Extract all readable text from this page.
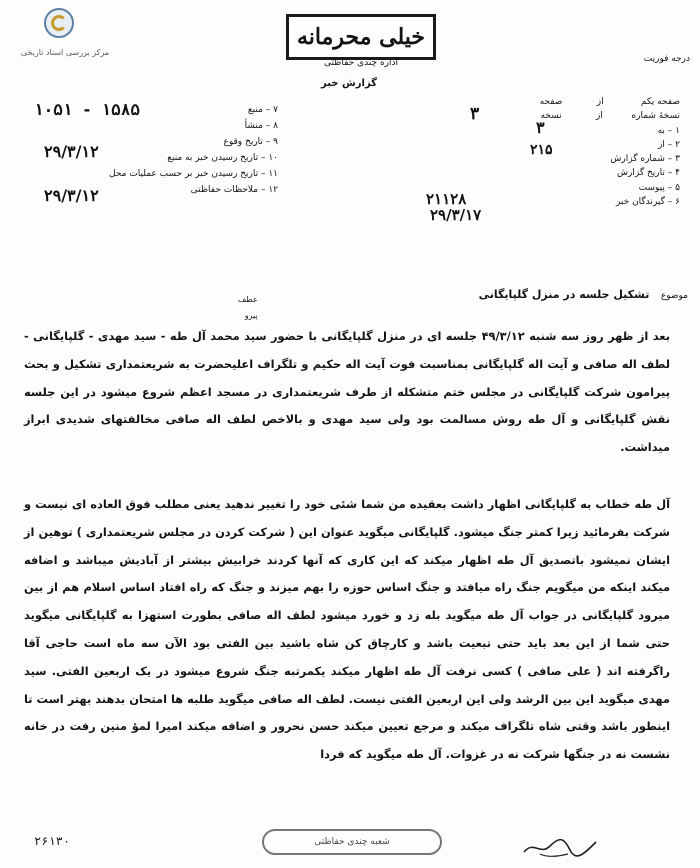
مرکز بررسی اسناد تاریخی
خیلی محرمانه
اداره چندی حفاظتی
گزارش خبر
درجه فوریت
صفحه یکم

از

صفحه
نسخهٔ شماره

از

نسخه
۱ –

به
۲ –

از
۳ –

شماره گزارش
۴ –

تاریخ گزارش
۵ –

پیوست
۶ –

گیرندگان خبر
۷ – منبع
۸ – منشأ
۹ – تاریخ وقوع
۱۰ – تاریخ رسیدن خبر به منبع
۱۱ – تاریخ رسیدن خبر بر حسب عملیات محل
۱۲ – ملاحظات حفاظتی
۱۰۵۱ - ۱۵۸۵
۲۹/۳/۱۲
۲۹/۳/۱۲
۳
۳
۲۱۵
۲۱۱۲۸
۲۹/۳/۱۷
عطف
پیرو
موضوع   تشکیل جلسه در منزل گلپایگانی
بعد از ظهر روز سه شنبه ۴۹/۳/۱۲ جلسه ای در منزل گلپایگانی با حضور سید محمد آل طه - سید مهدی - گلپایگانی - لطف اله صافی و آیت اله گلپایگانی بمناسبت فوت آیت اله حکیم و تلگراف اعلیحضرت به شریعتمداری تشکیل و بحث پیرامون شرکت گلپایگانی در مجلس ختم متشکله از طرف شریعتمداری در مسجد اعظم شروع میشود در این جلسه نقش گلپایگانی و آل طه روش مسالمت بود ولی سید مهدی و بالاخص لطف اله صافی مخالفتهای شدیدی ابراز میداشت.
آل طه خطاب به گلپایگانی اظهار داشت بعقیده من شما شئی خود را تغییر ندهید یعنی مطلب فوق العاده ای نیست و شرکت بفرمائید زیرا کمتر جنگ میشود. گلپایگانی میگوید عنوان این ( شرکت کردن در مجلس شریعتمداری ) توهین از ایشان نمیشود باتصدیق آل طه اظهار میکند که این کاری که آنها کردند خرابیش بیشتر از آبادیش میباشد و اضافه میکند اینکه من میگویم جنگ راه میافتد و جنگ اساس حوزه را بهم میزند و جنگ که راه افتاد اساس اسلام هم از بین میرود گلپایگانی در جواب آل طه میگوید بله زد و خورد میشود لطف اله صافی بطورت استهزا به گلپایگانی میگوید حتی شما از این بعد باید حتی تبعیت باشد و کارچاق کن شاه باشید بین الفتی بود الآن سه ماه است حاجی آقا راگرفته اند ( علی صافی ) کسی نرفت آل طه اظهار میکند یکمرتبه جنگ شروع میشود در یک اربعین الفتی. سید مهدی میگوید این بین الرشد ولی این اربعین الفتی نیست. لطف اله صافی میگوید طلبه ها امتحان بدهند بهتر است تا اینطور باشد وقتی شاه تلگراف میکند و مرجع تعیین میکند حسن نحرور و اضافه میکند امیرا لمؤ منین رفت در خانه نشست نه در جنگها شرکت نه در غزوات. آل طه میگوید که فردا
۲۶۱۳۰	شعبه چندی حفاظتی
